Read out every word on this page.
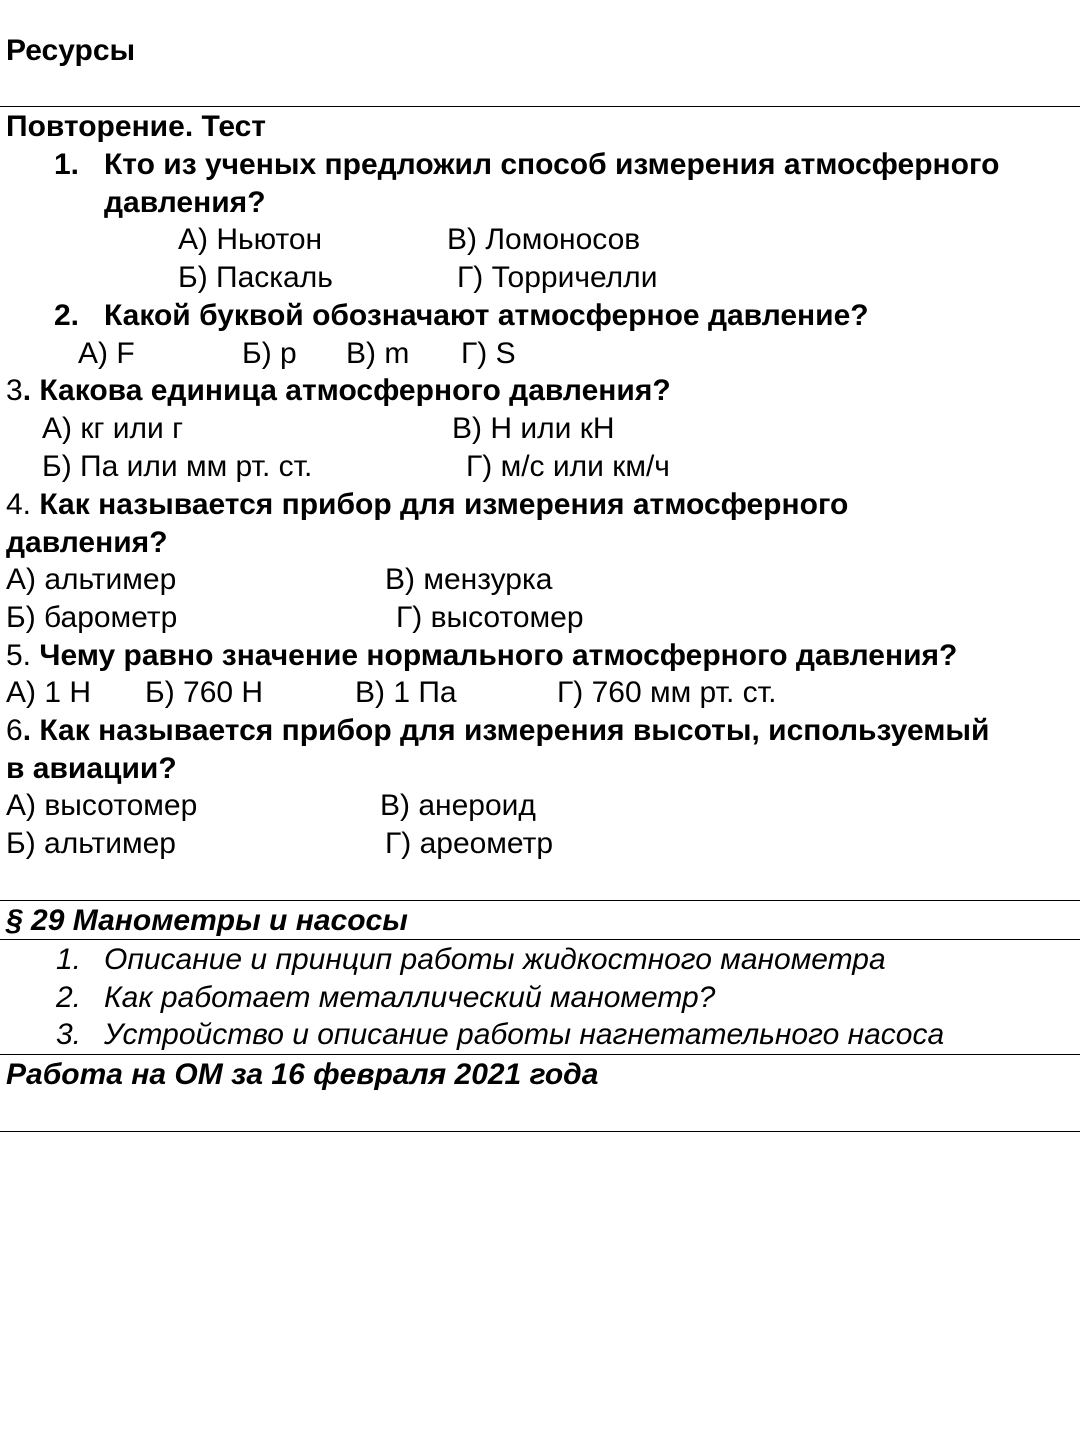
Ресурсы
Повторение. Тест
1. Кто из ученых предложил способ измерения атмосферного
давления?
А) Ньютон	В) Ломоносов
Б) Паскаль	Г) Торричелли
2. Какой буквой обозначают атмосферное давление?
А) F	Б) p В) m Г) S
3. Какова единица атмосферного давления?
А) кг или г	В) Н или кН
Б) Па или мм рт. ст.	Г) м/с или км/ч
4. Как называется прибор для измерения атмосферного
давления?
А) альтимер	В) мензурка
Б) барометр	Г) высотомер
5. Чему равно значение нормального атмосферного давления?
А) 1 Н Б) 760 Н	В) 1 Па	Г) 760 мм рт. ст.
6. Как называется прибор для измерения высоты, используемый
в авиации?
А) высотомер	В) анероид
Б) альтимер	Г) ареометр
§ 29 Манометры и насосы
1. Описание и принцип работы жидкостного манометра
2. Как работает металлический манометр?
3. Устройство и описание работы нагнетательного насоса
Работа на ОМ за 16 февраля 2021 года
